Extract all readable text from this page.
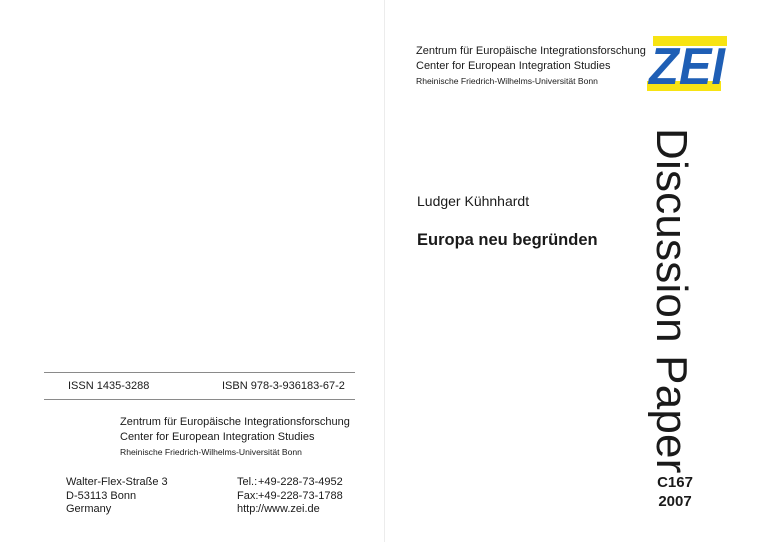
Zentrum für Europäische Integrationsforschung
Center for European Integration Studies
Rheinische Friedrich-Wilhelms-Universität Bonn ZEI
Ludger Kühnhardt
Europa neu begründen Discussion Paper
C167
2007
ISSN 1435-3288	ISBN 978-3-936183-67-2
Zentrum für Europäische Integrationsforschung
Center for European Integration Studies
Rheinische Friedrich-Wilhelms-Universität Bonn
Walter-Flex-Straße 3
D-53113 Bonn
Germany
Tel.: +49-228-73-4952
Fax: +49-228-73-1788
http: //www.zei.de
